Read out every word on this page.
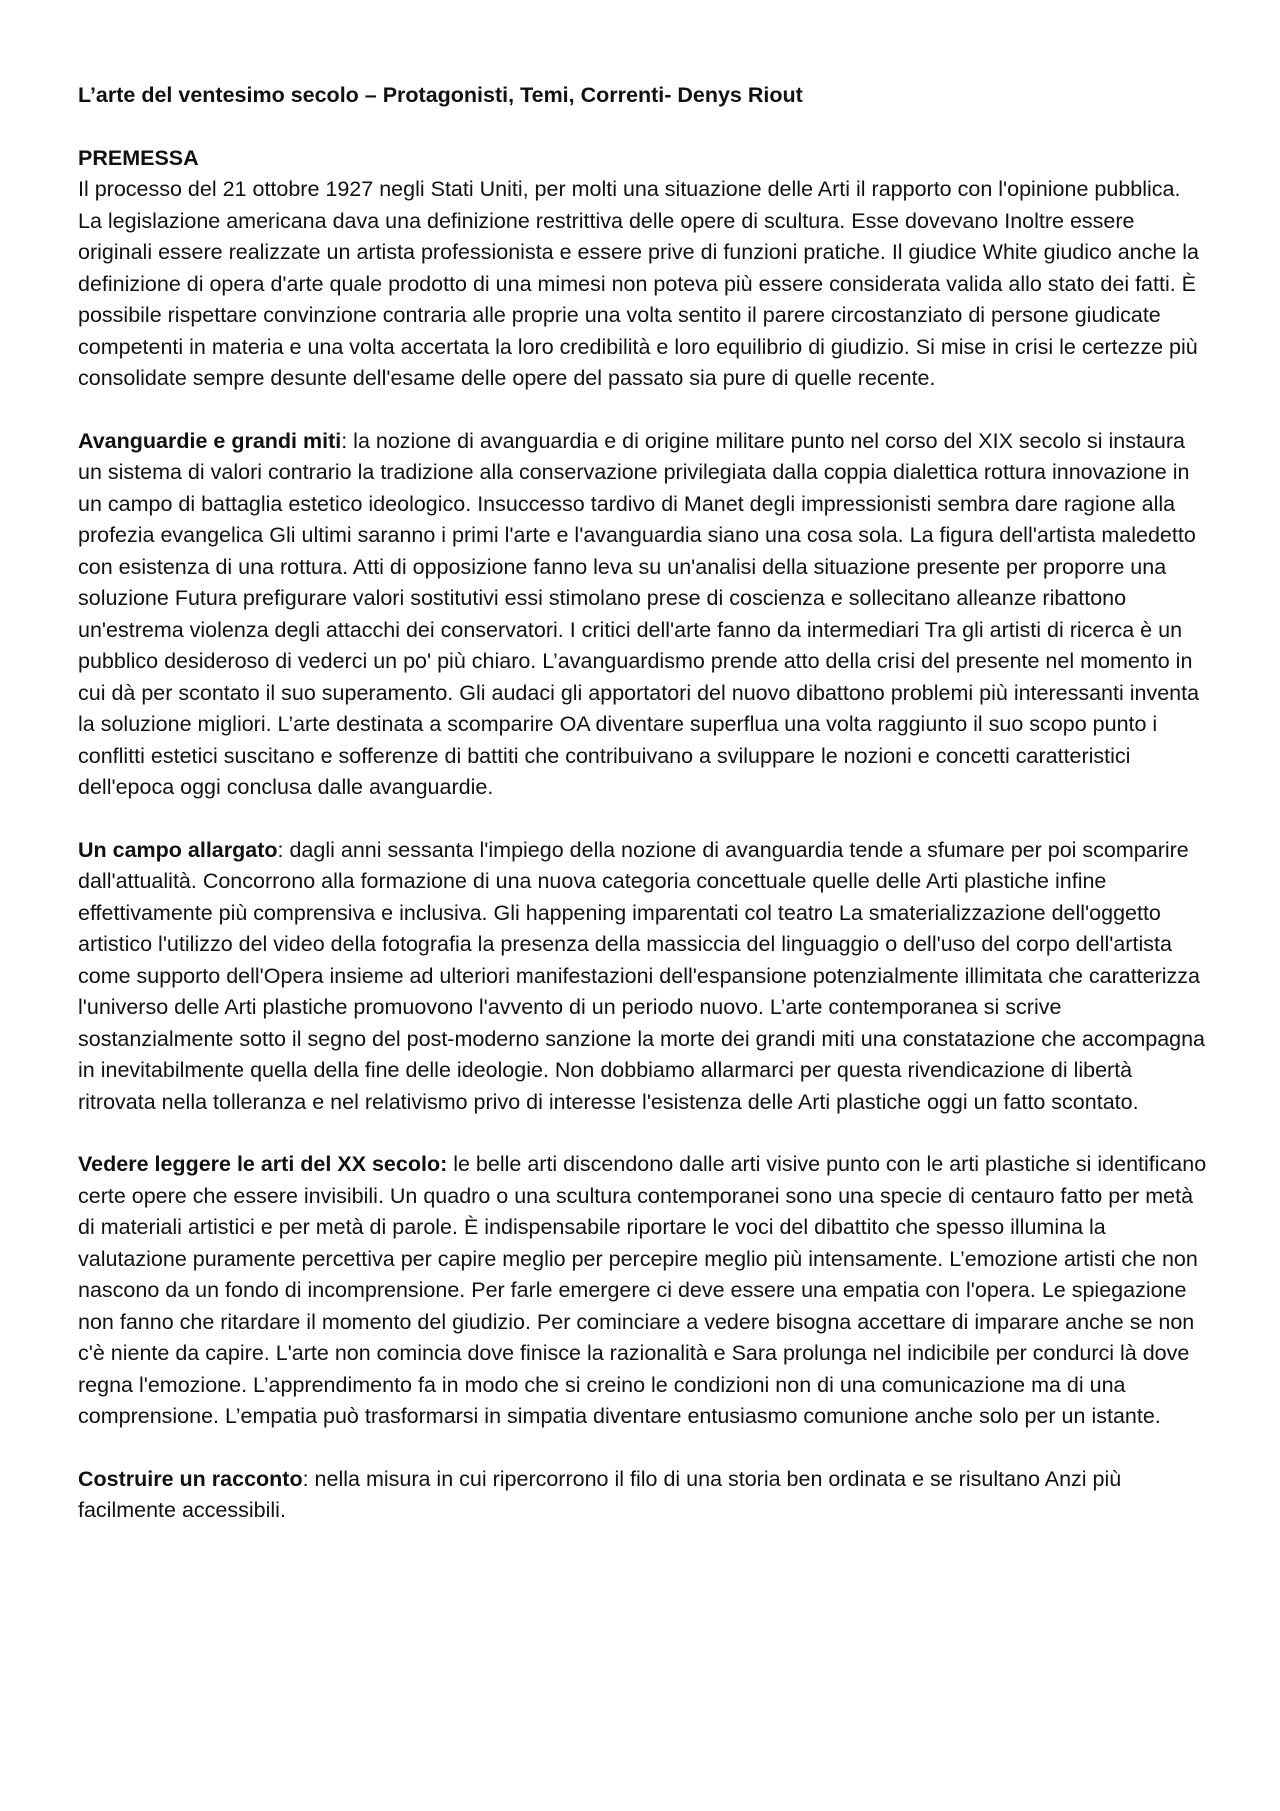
L’arte del ventesimo secolo – Protagonisti, Temi, Correnti- Denys Riout

PREMESSA

Il processo del 21 ottobre 1927 negli Stati Uniti, per molti una situazione delle Arti il rapporto con l'opinione pubblica. La legislazione americana dava una definizione restrittiva delle opere di scultura. Esse dovevano Inoltre essere originali essere realizzate un artista professionista e essere prive di funzioni pratiche. Il giudice White giudico anche la definizione di opera d'arte quale prodotto di una mimesi non poteva più essere considerata valida allo stato dei fatti. È possibile rispettare convinzione contraria alle proprie una volta sentito il parere circostanziato di persone giudicate competenti in materia e una volta accertata la loro credibilità e loro equilibrio di giudizio. Si mise in crisi le certezze più consolidate sempre desunte dell'esame delle opere del passato sia pure di quelle recente.

Avanguardie e grandi miti: la nozione di avanguardia e di origine militare punto nel corso del XIX secolo si instaura un sistema di valori contrario la tradizione alla conservazione privilegiata dalla coppia dialettica rottura innovazione in un campo di battaglia estetico ideologico. Insuccesso tardivo di Manet degli impressionisti sembra dare ragione alla profezia evangelica Gli ultimi saranno i primi l'arte e l'avanguardia siano una cosa sola. La figura dell'artista maledetto con esistenza di una rottura. Atti di opposizione fanno leva su un'analisi della situazione presente per proporre una soluzione Futura prefigurare valori sostitutivi essi stimolano prese di coscienza e sollecitano alleanze ribattono un'estrema violenza degli attacchi dei conservatori. I critici dell'arte fanno da intermediari Tra gli artisti di ricerca è un pubblico desideroso di vederci un po' più chiaro. L’avanguardismo prende atto della crisi del presente nel momento in cui dà per scontato il suo superamento. Gli audaci gli apportatori del nuovo dibattono problemi più interessanti inventa la soluzione migliori. L’arte destinata a scomparire OA diventare superflua una volta raggiunto il suo scopo punto i conflitti estetici suscitano e sofferenze di battiti che contribuivano a sviluppare le nozioni e concetti caratteristici dell'epoca oggi conclusa dalle avanguardie.

Un campo allargato: dagli anni sessanta l'impiego della nozione di avanguardia tende a sfumare per poi scomparire dall'attualità. Concorrono alla formazione di una nuova categoria concettuale quelle delle Arti plastiche infine effettivamente più comprensiva e inclusiva. Gli happening imparentati col teatro La smaterializzazione dell'oggetto artistico l'utilizzo del video della fotografia la presenza della massiccia del linguaggio o dell'uso del corpo dell'artista come supporto dell'Opera insieme ad ulteriori manifestazioni dell'espansione potenzialmente illimitata che caratterizza l'universo delle Arti plastiche promuovono l'avvento di un periodo nuovo. L’arte contemporanea si scrive sostanzialmente sotto il segno del post-moderno sanzione la morte dei grandi miti una constatazione che accompagna in inevitabilmente quella della fine delle ideologie. Non dobbiamo allarmarci per questa rivendicazione di libertà ritrovata nella tolleranza e nel relativismo privo di interesse l'esistenza delle Arti plastiche oggi un fatto scontato.

Vedere leggere le arti del XX secolo: le belle arti discendono dalle arti visive punto con le arti plastiche si identificano certe opere che essere invisibili. Un quadro o una scultura contemporanei sono una specie di centauro fatto per metà di materiali artistici e per metà di parole. È indispensabile riportare le voci del dibattito che spesso illumina la valutazione puramente percettiva per capire meglio per percepire meglio più intensamente. L’emozione artisti che non nascono da un fondo di incomprensione. Per farle emergere ci deve essere una empatia con l'opera. Le spiegazione non fanno che ritardare il momento del giudizio. Per cominciare a vedere bisogna accettare di imparare anche se non c'è niente da capire. L'arte non comincia dove finisce la razionalità e Sara prolunga nel indicibile per condurci là dove regna l'emozione. L’apprendimento fa in modo che si creino le condizioni non di una comunicazione ma di una comprensione. L’empatia può trasformarsi in simpatia diventare entusiasmo comunione anche solo per un istante.

Costruire un racconto: nella misura in cui ripercorrono il filo di una storia ben ordinata e se risultano Anzi più facilmente accessibili.
